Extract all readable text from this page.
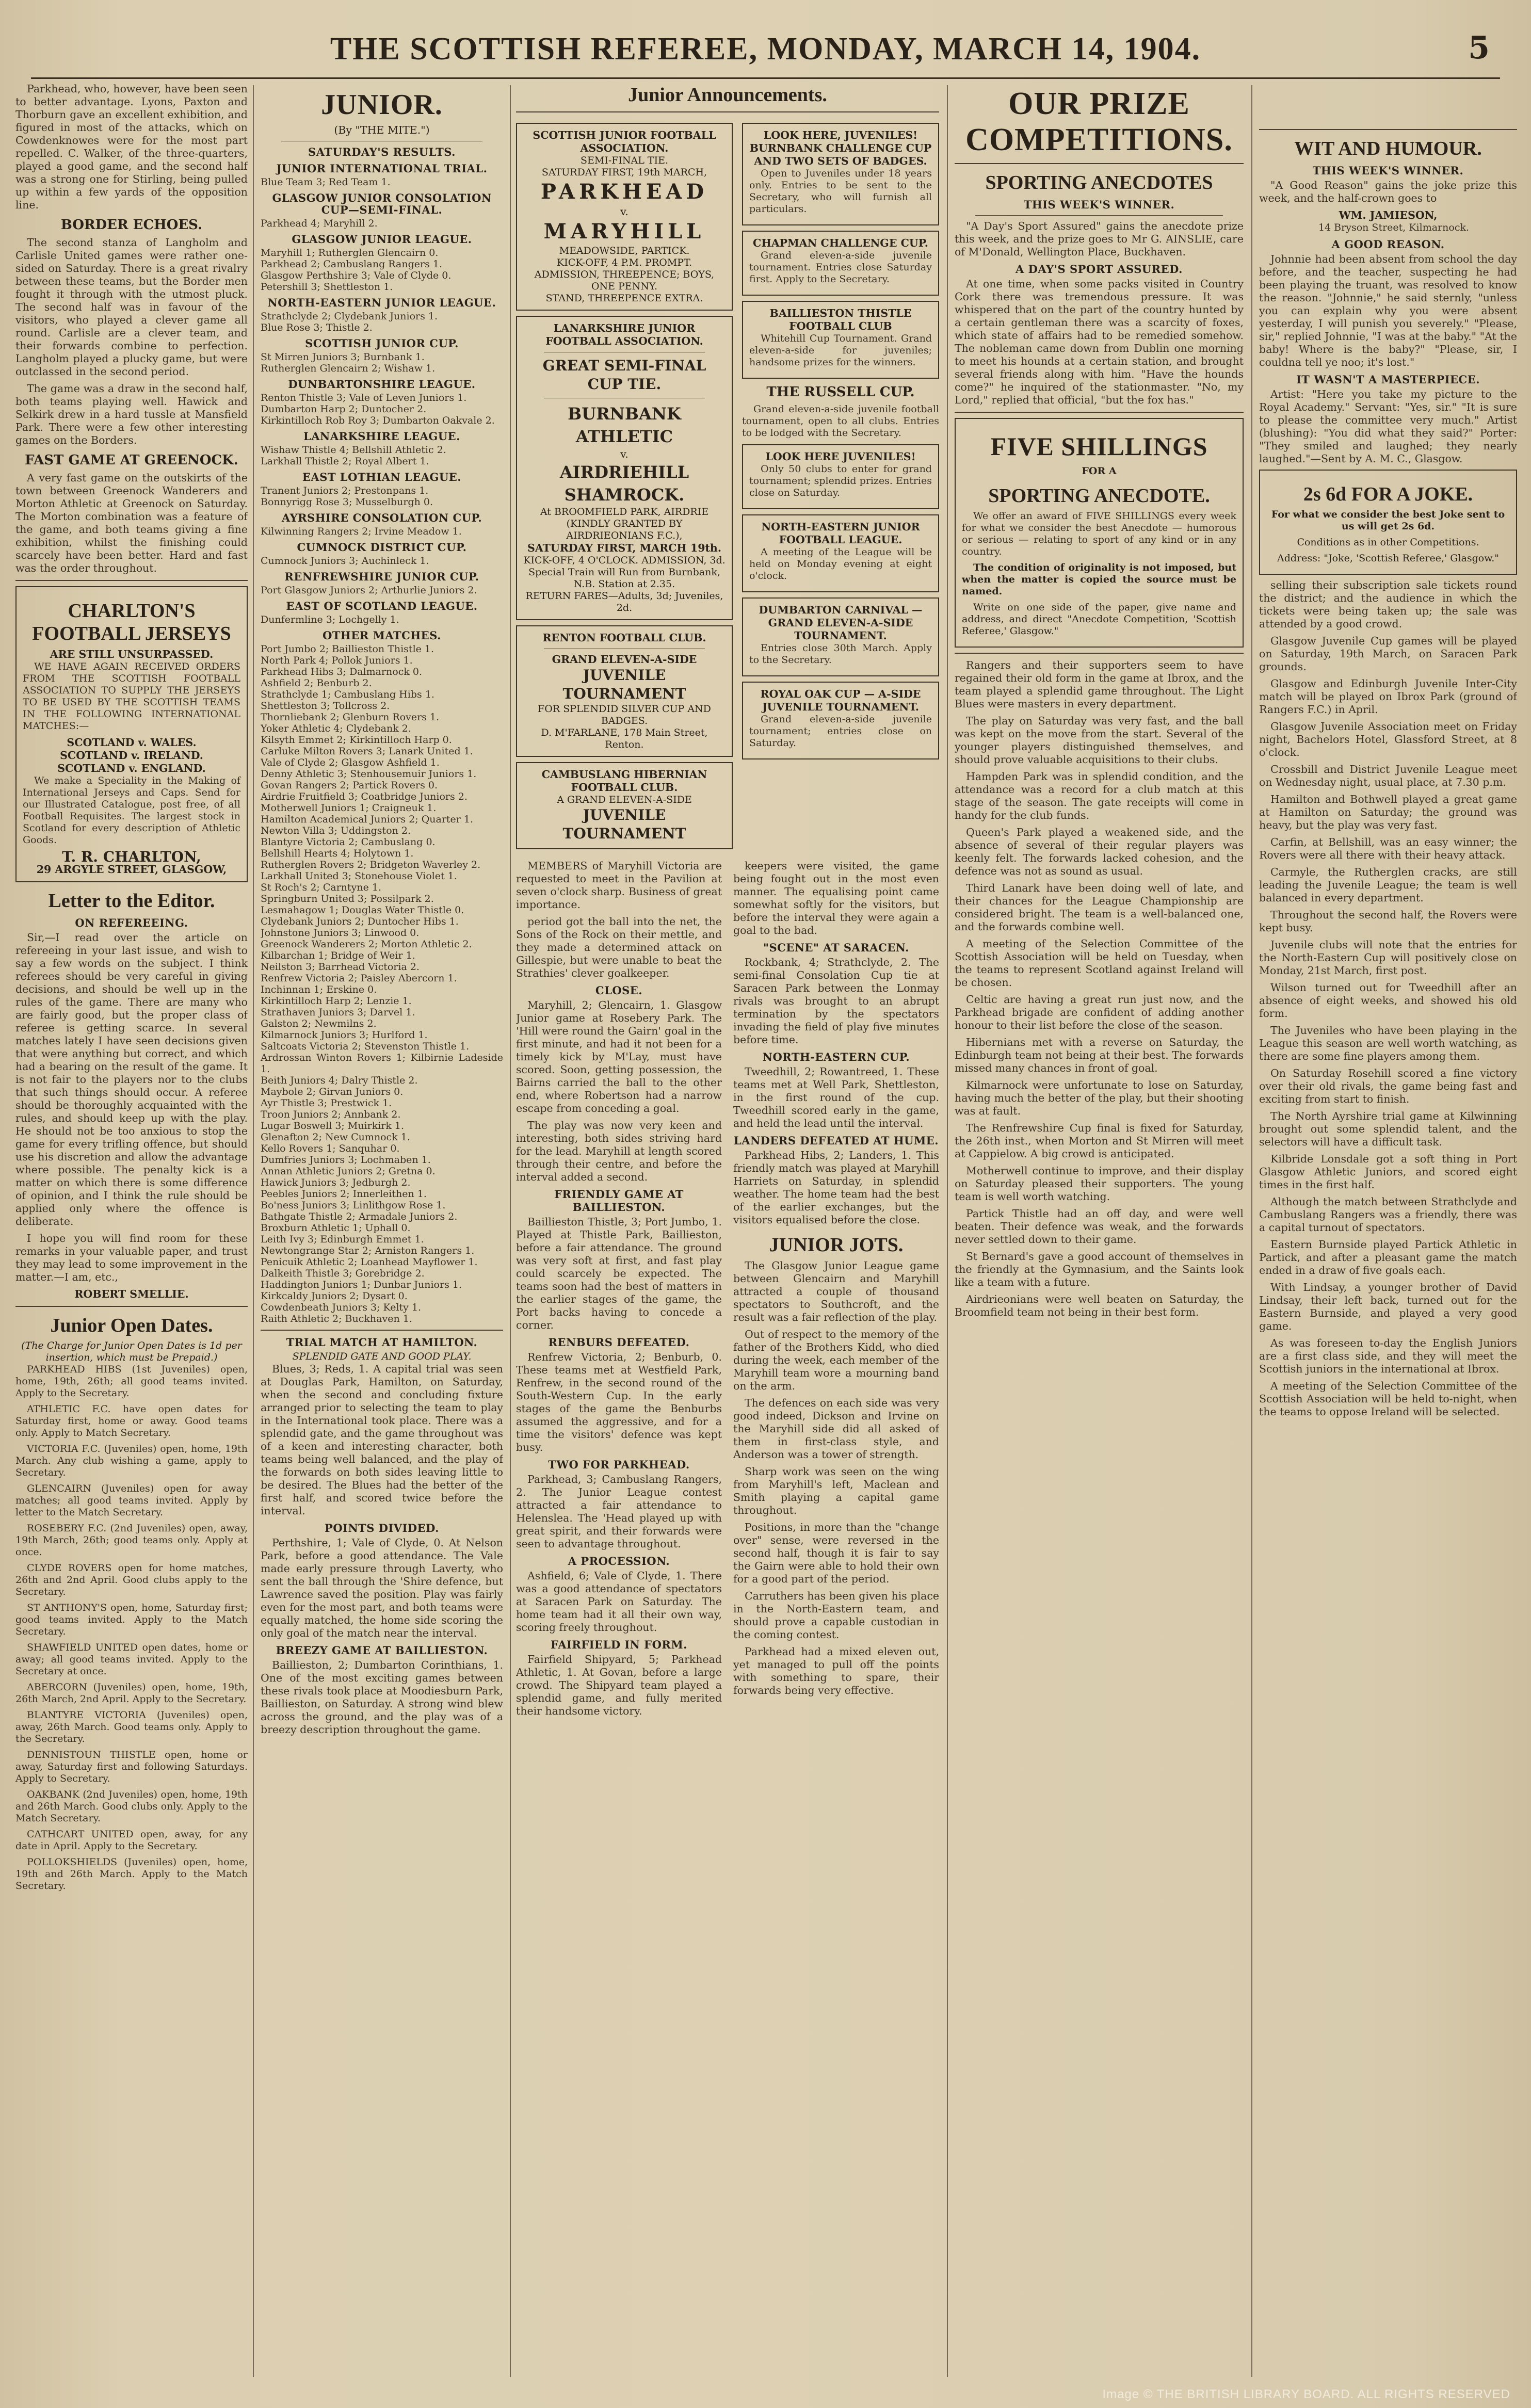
THE SCOTTISH REFEREE, MONDAY, MARCH 14, 1904.	5

Parkhead, who, however, have been seen to better advantage. Lyons, Paxton and Thorburn gave an excellent exhibition, and figured in most of the attacks, which on Cowdenknowes were for the most part repelled. C. Walker, of the three-quarters, played a good game, and the second half was a strong one for Stirling, being pulled up within a few yards of the opposition line.

BORDER ECHOES.

The second stanza of Langholm and Carlisle United games were rather one-sided on Saturday. There is a great rivalry between these teams, but the Border men fought it through with the utmost pluck. The second half was in favour of the visitors, who played a clever game all round. Carlisle are a clever team, and their forwards combine to perfection. Langholm played a plucky game, but were outclassed in the second period.

The game was a draw in the second half, both teams playing well. Hawick and Selkirk drew in a hard tussle at Mansfield Park. There were a few other interesting games on the Borders.

FAST GAME AT GREENOCK.

A very fast game on the outskirts of the town between Greenock Wanderers and Morton Athletic at Greenock on Saturday. The Morton combination was a feature of the game, and both teams giving a fine exhibition, whilst the finishing could scarcely have been better. Hard and fast was the order throughout.

CHARLTON'S FOOTBALL JERSEYS
ARE STILL UNSURPASSED.

WE HAVE AGAIN RECEIVED ORDERS FROM THE SCOTTISH FOOTBALL ASSOCIATION TO SUPPLY THE JERSEYS TO BE USED BY THE SCOTTISH TEAMS IN THE FOLLOWING INTERNATIONAL MATCHES:—

SCOTLAND v. WALES.
SCOTLAND v. IRELAND.
SCOTLAND v. ENGLAND.

We make a Speciality in the Making of International Jerseys and Caps. Send for our Illustrated Catalogue, post free, of all Football Requisites. The largest stock in Scotland for every description of Athletic Goods.

T. R. CHARLTON,
29 ARGYLE STREET, GLASGOW,
Letter to the Editor.
ON REFEREEING.

Sir,—I read over the article on refereeing in your last issue, and wish to say a few words on the subject. I think referees should be very careful in giving decisions, and should be well up in the rules of the game. There are many who are fairly good, but the proper class of referee is getting scarce. In several matches lately I have seen decisions given that were anything but correct, and which had a bearing on the result of the game. It is not fair to the players nor to the clubs that such things should occur. A referee should be thoroughly acquainted with the rules, and should keep up with the play. He should not be too anxious to stop the game for every trifling offence, but should use his discretion and allow the advantage where possible. The penalty kick is a matter on which there is some difference of opinion, and I think the rule should be applied only where the offence is deliberate.

I hope you will find room for these remarks in your valuable paper, and trust they may lead to some improvement in the matter.—I am, etc.,

ROBERT SMELLIE.
Junior Open Dates.
(The Charge for Junior Open Dates is 1d per insertion, which must be Prepaid.)

PARKHEAD HIBS (1st Juveniles) open, home, 19th, 26th; all good teams invited. Apply to the Secretary.

ATHLETIC F.C. have open dates for Saturday first, home or away. Good teams only. Apply to Match Secretary.

VICTORIA F.C. (Juveniles) open, home, 19th March. Any club wishing a game, apply to Secretary.

GLENCAIRN (Juveniles) open for away matches; all good teams invited. Apply by letter to the Match Secretary.

ROSEBERY F.C. (2nd Juveniles) open, away, 19th March, 26th; good teams only. Apply at once.

CLYDE ROVERS open for home matches, 26th and 2nd April. Good clubs apply to the Secretary.

ST ANTHONY'S open, home, Saturday first; good teams invited. Apply to the Match Secretary.

SHAWFIELD UNITED open dates, home or away; all good teams invited. Apply to the Secretary at once.

ABERCORN (Juveniles) open, home, 19th, 26th March, 2nd April. Apply to the Secretary.

BLANTYRE VICTORIA (Juveniles) open, away, 26th March. Good teams only. Apply to the Secretary.

DENNISTOUN THISTLE open, home or away, Saturday first and following Saturdays. Apply to Secretary.

OAKBANK (2nd Juveniles) open, home, 19th and 26th March. Good clubs only. Apply to the Match Secretary.

CATHCART UNITED open, away, for any date in April. Apply to the Secretary.

POLLOKSHIELDS (Juveniles) open, home, 19th and 26th March. Apply to the Match Secretary.

JUNIOR.
(By "THE MITE.")
SATURDAY'S RESULTS.
JUNIOR INTERNATIONAL TRIAL.

Blue Team 3; Red Team 1.

GLASGOW JUNIOR CONSOLATION CUP—SEMI-FINAL.

Parkhead 4; Maryhill 2.

GLASGOW JUNIOR LEAGUE.

Maryhill 1; Rutherglen Glencairn 0.

Parkhead 2; Cambuslang Rangers 1.

Glasgow Perthshire 3; Vale of Clyde 0.

Petershill 3; Shettleston 1.

NORTH-EASTERN JUNIOR LEAGUE.

Strathclyde 2; Clydebank Juniors 1.

Blue Rose 3; Thistle 2.

SCOTTISH JUNIOR CUP.

St Mirren Juniors 3; Burnbank 1.

Rutherglen Glencairn 2; Wishaw 1.

DUNBARTONSHIRE LEAGUE.

Renton Thistle 3; Vale of Leven Juniors 1.

Dumbarton Harp 2; Duntocher 2.

Kirkintilloch Rob Roy 3; Dumbarton Oakvale 2.

LANARKSHIRE LEAGUE.

Wishaw Thistle 4; Bellshill Athletic 2.

Larkhall Thistle 2; Royal Albert 1.

EAST LOTHIAN LEAGUE.

Tranent Juniors 2; Prestonpans 1.

Bonnyrigg Rose 3; Musselburgh 0.

AYRSHIRE CONSOLATION CUP.

Kilwinning Rangers 2; Irvine Meadow 1.

CUMNOCK DISTRICT CUP.

Cumnock Juniors 3; Auchinleck 1.

RENFREWSHIRE JUNIOR CUP.

Port Glasgow Juniors 2; Arthurlie Juniors 2.

EAST OF SCOTLAND LEAGUE.

Dunfermline 3; Lochgelly 1.

OTHER MATCHES.

Port Jumbo 2; Baillieston Thistle 1.

North Park 4; Pollok Juniors 1.

Parkhead Hibs 3; Dalmarnock 0.

Ashfield 2; Benburb 2.

Strathclyde 1; Cambuslang Hibs 1.

Shettleston 3; Tollcross 2.

Thornliebank 2; Glenburn Rovers 1.

Yoker Athletic 4; Clydebank 2.

Kilsyth Emmet 2; Kirkintilloch Harp 0.

Carluke Milton Rovers 3; Lanark United 1.

Vale of Clyde 2; Glasgow Ashfield 1.

Denny Athletic 3; Stenhousemuir Juniors 1.

Govan Rangers 2; Partick Rovers 0.

Airdrie Fruitfield 3; Coatbridge Juniors 2.

Motherwell Juniors 1; Craigneuk 1.

Hamilton Academical Juniors 2; Quarter 1.

Newton Villa 3; Uddingston 2.

Blantyre Victoria 2; Cambuslang 0.

Bellshill Hearts 4; Holytown 1.

Rutherglen Rovers 2; Bridgeton Waverley 2.

Larkhall United 3; Stonehouse Violet 1.

St Roch's 2; Carntyne 1.

Springburn United 3; Possilpark 2.

Lesmahagow 1; Douglas Water Thistle 0.

Clydebank Juniors 2; Duntocher Hibs 1.

Johnstone Juniors 3; Linwood 0.

Greenock Wanderers 2; Morton Athletic 2.

Kilbarchan 1; Bridge of Weir 1.

Neilston 3; Barrhead Victoria 2.

Renfrew Victoria 2; Paisley Abercorn 1.

Inchinnan 1; Erskine 0.

Kirkintilloch Harp 2; Lenzie 1.

Strathaven Juniors 3; Darvel 1.

Galston 2; Newmilns 2.

Kilmarnock Juniors 3; Hurlford 1.

Saltcoats Victoria 2; Stevenston Thistle 1.

Ardrossan Winton Rovers 1; Kilbirnie Ladeside 1.

Beith Juniors 4; Dalry Thistle 2.

Maybole 2; Girvan Juniors 0.

Ayr Thistle 3; Prestwick 1.

Troon Juniors 2; Annbank 2.

Lugar Boswell 3; Muirkirk 1.

Glenafton 2; New Cumnock 1.

Kello Rovers 1; Sanquhar 0.

Dumfries Juniors 3; Lochmaben 1.

Annan Athletic Juniors 2; Gretna 0.

Hawick Juniors 3; Jedburgh 2.

Peebles Juniors 2; Innerleithen 1.

Bo'ness Juniors 3; Linlithgow Rose 1.

Bathgate Thistle 2; Armadale Juniors 2.

Broxburn Athletic 1; Uphall 0.

Leith Ivy 3; Edinburgh Emmet 1.

Newtongrange Star 2; Arniston Rangers 1.

Penicuik Athletic 2; Loanhead Mayflower 1.

Dalkeith Thistle 3; Gorebridge 2.

Haddington Juniors 1; Dunbar Juniors 1.

Kirkcaldy Juniors 2; Dysart 0.

Cowdenbeath Juniors 3; Kelty 1.

Raith Athletic 2; Buckhaven 1.

TRIAL MATCH AT HAMILTON.
SPLENDID GATE AND GOOD PLAY.

Blues, 3; Reds, 1. A capital trial was seen at Douglas Park, Hamilton, on Saturday, when the second and concluding fixture arranged prior to selecting the team to play in the International took place. There was a splendid gate, and the game throughout was of a keen and interesting character, both teams being well balanced, and the play of the forwards on both sides leaving little to be desired. The Blues had the better of the first half, and scored twice before the interval.

POINTS DIVIDED.

Perthshire, 1; Vale of Clyde, 0. At Nelson Park, before a good attendance. The Vale made early pressure through Laverty, who sent the ball through the 'Shire defence, but Lawrence saved the position. Play was fairly even for the most part, and both teams were equally matched, the home side scoring the only goal of the match near the interval.

BREEZY GAME AT BAILLIESTON.

Baillieston, 2; Dumbarton Corinthians, 1. One of the most exciting games between these rivals took place at Moodiesburn Park, Baillieston, on Saturday. A strong wind blew across the ground, and the play was of a breezy description throughout the game.

Junior Announcements.
SCOTTISH JUNIOR FOOTBALL ASSOCIATION.
SEMI-FINAL TIE.
SATURDAY FIRST, 19th MARCH,
PARKHEAD
v.
MARYHILL
MEADOWSIDE, PARTICK.
KICK-OFF, 4 P.M. PROMPT.
ADMISSION, THREEPENCE; BOYS, ONE PENNY.
STAND, THREEPENCE EXTRA.
LANARKSHIRE JUNIOR FOOTBALL ASSOCIATION.
GREAT SEMI-FINAL CUP TIE.
BURNBANK ATHLETIC
v.
AIRDRIEHILL SHAMROCK.
At BROOMFIELD PARK, AIRDRIE
(KINDLY GRANTED BY AIRDRIEONIANS F.C.),
SATURDAY FIRST, MARCH 19th.
KICK-OFF, 4 O'CLOCK. ADMISSION, 3d.
Special Train will Run from Burnbank, N.B. Station at 2.35.
RETURN FARES—Adults, 3d; Juveniles, 2d.
RENTON FOOTBALL CLUB.
GRAND ELEVEN-A-SIDE
JUVENILE TOURNAMENT
FOR SPLENDID SILVER CUP AND BADGES.
D. M'FARLANE, 178 Main Street, Renton.
CAMBUSLANG HIBERNIAN FOOTBALL CLUB.
A GRAND ELEVEN-A-SIDE
JUVENILE TOURNAMENT
LOOK HERE, JUVENILES! BURNBANK CHALLENGE CUP AND TWO SETS OF BADGES.

Open to Juveniles under 18 years only. Entries to be sent to the Secretary, who will furnish all particulars.

CHAPMAN CHALLENGE CUP.

Grand eleven-a-side juvenile tournament. Entries close Saturday first. Apply to the Secretary.

BAILLIESTON THISTLE FOOTBALL CLUB

Whitehill Cup Tournament. Grand eleven-a-side for juveniles; handsome prizes for the winners.

THE RUSSELL CUP.

Grand eleven-a-side juvenile football tournament, open to all clubs. Entries to be lodged with the Secretary.

LOOK HERE JUVENILES!

Only 50 clubs to enter for grand tournament; splendid prizes. Entries close on Saturday.

NORTH-EASTERN JUNIOR FOOTBALL LEAGUE.

A meeting of the League will be held on Monday evening at eight o'clock.

DUMBARTON CARNIVAL — GRAND ELEVEN-A-SIDE TOURNAMENT.

Entries close 30th March. Apply to the Secretary.

ROYAL OAK CUP — A-SIDE JUVENILE TOURNAMENT.

Grand eleven-a-side juvenile tournament; entries close on Saturday.

MEMBERS of Maryhill Victoria are requested to meet in the Pavilion at seven o'clock sharp. Business of great importance.

period got the ball into the net, the Sons of the Rock on their mettle, and they made a determined attack on Gillespie, but were unable to beat the Strathies' clever goalkeeper.

CLOSE.

Maryhill, 2; Glencairn, 1. Glasgow Junior game at Rosebery Park. The 'Hill were round the Gairn' goal in the first minute, and had it not been for a timely kick by M'Lay, must have scored. Soon, getting possession, the Bairns carried the ball to the other end, where Robertson had a narrow escape from conceding a goal.

The play was now very keen and interesting, both sides striving hard for the lead. Maryhill at length scored through their centre, and before the interval added a second.

FRIENDLY GAME AT BAILLIESTON.

Baillieston Thistle, 3; Port Jumbo, 1. Played at Thistle Park, Baillieston, before a fair attendance. The ground was very soft at first, and fast play could scarcely be expected. The teams soon had the best of matters in the earlier stages of the game, the Port backs having to concede a corner.

RENBURS DEFEATED.

Renfrew Victoria, 2; Benburb, 0. These teams met at Westfield Park, Renfrew, in the second round of the South-Western Cup. In the early stages of the game the Benburbs assumed the aggressive, and for a time the visitors' defence was kept busy.

TWO FOR PARKHEAD.

Parkhead, 3; Cambuslang Rangers, 2. The Junior League contest attracted a fair attendance to Helenslea. The 'Head played up with great spirit, and their forwards were seen to advantage throughout.

A PROCESSION.

Ashfield, 6; Vale of Clyde, 1. There was a good attendance of spectators at Saracen Park on Saturday. The home team had it all their own way, scoring freely throughout.

FAIRFIELD IN FORM.

Fairfield Shipyard, 5; Parkhead Athletic, 1. At Govan, before a large crowd. The Shipyard team played a splendid game, and fully merited their handsome victory.

keepers were visited, the game being fought out in the most even manner. The equalising point came somewhat softly for the visitors, but before the interval they were again a goal to the bad.

"SCENE" AT SARACEN.

Rockbank, 4; Strathclyde, 2. The semi-final Consolation Cup tie at Saracen Park between the Lonmay rivals was brought to an abrupt termination by the spectators invading the field of play five minutes before time.

NORTH-EASTERN CUP.

Tweedhill, 2; Rowantreed, 1. These teams met at Well Park, Shettleston, in the first round of the cup. Tweedhill scored early in the game, and held the lead until the interval.

LANDERS DEFEATED AT HUME.

Parkhead Hibs, 2; Landers, 1. This friendly match was played at Maryhill Harriets on Saturday, in splendid weather. The home team had the best of the earlier exchanges, but the visitors equalised before the close.

JUNIOR JOTS.

The Glasgow Junior League game between Glencairn and Maryhill attracted a couple of thousand spectators to Southcroft, and the result was a fair reflection of the play.

Out of respect to the memory of the father of the Brothers Kidd, who died during the week, each member of the Maryhill team wore a mourning band on the arm.

The defences on each side was very good indeed, Dickson and Irvine on the Maryhill side did all asked of them in first-class style, and Anderson was a tower of strength.

Sharp work was seen on the wing from Maryhill's left, Maclean and Smith playing a capital game throughout.

Positions, in more than the "change over" sense, were reversed in the second half, though it is fair to say the Gairn were able to hold their own for a good part of the period.

Carruthers has been given his place in the North-Eastern team, and should prove a capable custodian in the coming contest.

Parkhead had a mixed eleven out, yet managed to pull off the points with something to spare, their forwards being very effective.

OUR PRIZE COMPETITIONS.
SPORTING ANECDOTES
THIS WEEK'S WINNER.

"A Day's Sport Assured" gains the anecdote prize this week, and the prize goes to Mr G. AINSLIE, care of M'Donald, Wellington Place, Buckhaven.

A DAY'S SPORT ASSURED.

At one time, when some packs visited in Country Cork there was tremendous pressure. It was whispered that on the part of the country hunted by a certain gentleman there was a scarcity of foxes, which state of affairs had to be remedied somehow. The nobleman came down from Dublin one morning to meet his hounds at a certain station, and brought several friends along with him. "Have the hounds come?" he inquired of the stationmaster. "No, my Lord," replied that official, "but the fox has."

FIVE SHILLINGS
FOR A
SPORTING ANECDOTE.

We offer an award of FIVE SHILLINGS every week for what we consider the best Anecdote — humorous or serious — relating to sport of any kind or in any country.

The condition of originality is not imposed, but when the matter is copied the source must be named.

Write on one side of the paper, give name and address, and direct "Anecdote Competition, 'Scottish Referee,' Glasgow."

Rangers and their supporters seem to have regained their old form in the game at Ibrox, and the team played a splendid game throughout. The Light Blues were masters in every department.

The play on Saturday was very fast, and the ball was kept on the move from the start. Several of the younger players distinguished themselves, and should prove valuable acquisitions to their clubs.

Hampden Park was in splendid condition, and the attendance was a record for a club match at this stage of the season. The gate receipts will come in handy for the club funds.

Queen's Park played a weakened side, and the absence of several of their regular players was keenly felt. The forwards lacked cohesion, and the defence was not as sound as usual.

Third Lanark have been doing well of late, and their chances for the League Championship are considered bright. The team is a well-balanced one, and the forwards combine well.

A meeting of the Selection Committee of the Scottish Association will be held on Tuesday, when the teams to represent Scotland against Ireland will be chosen.

Celtic are having a great run just now, and the Parkhead brigade are confident of adding another honour to their list before the close of the season.

Hibernians met with a reverse on Saturday, the Edinburgh team not being at their best. The forwards missed many chances in front of goal.

Kilmarnock were unfortunate to lose on Saturday, having much the better of the play, but their shooting was at fault.

The Renfrewshire Cup final is fixed for Saturday, the 26th inst., when Morton and St Mirren will meet at Cappielow. A big crowd is anticipated.

Motherwell continue to improve, and their display on Saturday pleased their supporters. The young team is well worth watching.

Partick Thistle had an off day, and were well beaten. Their defence was weak, and the forwards never settled down to their game.

St Bernard's gave a good account of themselves in the friendly at the Gymnasium, and the Saints look like a team with a future.

Airdrieonians were well beaten on Saturday, the Broomfield team not being in their best form.

WIT AND HUMOUR.
THIS WEEK'S WINNER.

"A Good Reason" gains the joke prize this week, and the half-crown goes to

WM. JAMIESON,

14 Bryson Street, Kilmarnock.

A GOOD REASON.

Johnnie had been absent from school the day before, and the teacher, suspecting he had been playing the truant, was resolved to know the reason. "Johnnie," he said sternly, "unless you can explain why you were absent yesterday, I will punish you severely." "Please, sir," replied Johnnie, "I was at the baby." "At the baby! Where is the baby?" "Please, sir, I couldna tell ye noo; it's lost."

IT WASN'T A MASTERPIECE.

Artist: "Here you take my picture to the Royal Academy." Servant: "Yes, sir." "It is sure to please the committee very much." Artist (blushing): "You did what they said?" Porter: "They smiled and laughed; they nearly laughed."—Sent by A. M. C., Glasgow.

2s 6d FOR A JOKE.

For what we consider the best Joke sent to us will get 2s 6d.

Conditions as in other Competitions.

Address: "Joke, 'Scottish Referee,' Glasgow."

selling their subscription sale tickets round the district; and the audience in which the tickets were being taken up; the sale was attended by a good crowd.

Glasgow Juvenile Cup games will be played on Saturday, 19th March, on Saracen Park grounds.

Glasgow and Edinburgh Juvenile Inter-City match will be played on Ibrox Park (ground of Rangers F.C.) in April.

Glasgow Juvenile Association meet on Friday night, Bachelors Hotel, Glassford Street, at 8 o'clock.

Crossbill and District Juvenile League meet on Wednesday night, usual place, at 7.30 p.m.

Hamilton and Bothwell played a great game at Hamilton on Saturday; the ground was heavy, but the play was very fast.

Carfin, at Bellshill, was an easy winner; the Rovers were all there with their heavy attack.

Carmyle, the Rutherglen cracks, are still leading the Juvenile League; the team is well balanced in every department.

Throughout the second half, the Rovers were kept busy.

Juvenile clubs will note that the entries for the North-Eastern Cup will positively close on Monday, 21st March, first post.

Wilson turned out for Tweedhill after an absence of eight weeks, and showed his old form.

The Juveniles who have been playing in the League this season are well worth watching, as there are some fine players among them.

On Saturday Rosehill scored a fine victory over their old rivals, the game being fast and exciting from start to finish.

The North Ayrshire trial game at Kilwinning brought out some splendid talent, and the selectors will have a difficult task.

Kilbride Lonsdale got a soft thing in Port Glasgow Athletic Juniors, and scored eight times in the first half.

Although the match between Strathclyde and Cambuslang Rangers was a friendly, there was a capital turnout of spectators.

Eastern Burnside played Partick Athletic in Partick, and after a pleasant game the match ended in a draw of five goals each.

With Lindsay, a younger brother of David Lindsay, their left back, turned out for the Eastern Burnside, and played a very good game.

As was foreseen to-day the English Juniors are a first class side, and they will meet the Scottish juniors in the international at Ibrox.

A meeting of the Selection Committee of the Scottish Association will be held to-night, when the teams to oppose Ireland will be selected.

Image © THE BRITISH LIBRARY BOARD. ALL RIGHTS RESERVED
